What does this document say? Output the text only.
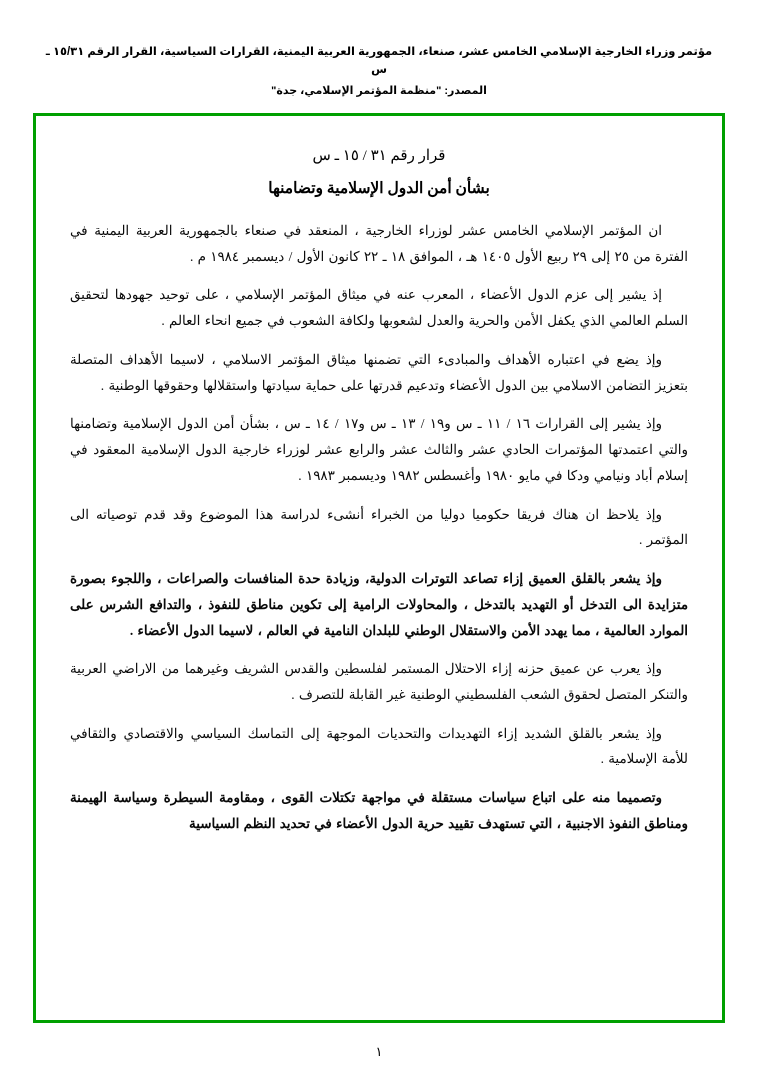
مؤتمر وزراء الخارجية الإسلامي الخامس عشر، صنعاء، الجمهورية العربية اليمنية، القرارات السياسية، القرار الرقم ١٥/٣١ ـ س
المصدر: "منظمة المؤتمر الإسلامي، جدة"
قرار رقم ٣١ / ١٥ ـ س
بشأن أمن الدول الإسلامية وتضامنها

ان المؤتمر الإسلامي الخامس عشر لوزراء الخارجية ، المنعقد في صنعاء بالجمهورية العربية اليمنية في الفترة من ٢٥ إلى ٢٩ ربيع الأول ١٤٠٥ هـ ، الموافق ١٨ ـ ٢٢ كانون الأول / ديسمبر ١٩٨٤ م .

إذ يشير إلى عزم الدول الأعضاء ، المعرب عنه في ميثاق المؤتمر الإسلامي ، على توحيد جهودها لتحقيق السلم العالمي الذي يكفل الأمن والحرية والعدل لشعوبها ولكافة الشعوب في جميع انحاء العالم .

وإذ يضع في اعتباره الأهداف والمبادىء التي تضمنها ميثاق المؤتمر الاسلامي ، لاسيما الأهداف المتصلة بتعزيز التضامن الاسلامي بين الدول الأعضاء وتدعيم قدرتها على حماية سيادتها واستقلالها وحقوقها الوطنية .

وإذ يشير إلى القرارات ١٦ / ١١ ـ س و١٩ / ١٣ ـ س و١٧ / ١٤ ـ س ، بشأن أمن الدول الإسلامية وتضامنها والتي اعتمدتها المؤتمرات الحادي عشر والثالث عشر والرابع عشر لوزراء خارجية الدول الإسلامية المعقود في إسلام أباد ونيامي ودكا في مايو ١٩٨٠ وأغسطس ١٩٨٢ وديسمبر ١٩٨٣ .

وإذ يلاحظ ان هناك فريقا حكوميا دوليا من الخبراء أنشىء لدراسة هذا الموضوع وقد قدم توصياته الى المؤتمر .

وإذ يشعر بالقلق العميق إزاء تصاعد التوترات الدولية، وزيادة حدة المنافسات والصراعات ، واللجوء بصورة متزايدة الى التدخل أو التهديد بالتدخل ، والمحاولات الرامية إلى تكوين مناطق للنفوذ ، والتدافع الشرس على الموارد العالمية ، مما يهدد الأمن والاستقلال الوطني للبلدان النامية في العالم ، لاسيما الدول الأعضاء .

وإذ يعرب عن عميق حزنه إزاء الاحتلال المستمر لفلسطين والقدس الشريف وغيرهما من الاراضي العربية والتنكر المتصل لحقوق الشعب الفلسطيني الوطنية غير القابلة للتصرف .

وإذ يشعر بالقلق الشديد إزاء التهديدات والتحديات الموجهة إلى التماسك السياسي والاقتصادي والثقافي للأمة الإسلامية .

وتصميما منه على اتباع سياسات مستقلة في مواجهة تكتلات القوى ، ومقاومة السيطرة وسياسة الهيمنة ومناطق النفوذ الاجنبية ، التي تستهدف تقييد حرية الدول الأعضاء في تحديد النظم السياسية

١
